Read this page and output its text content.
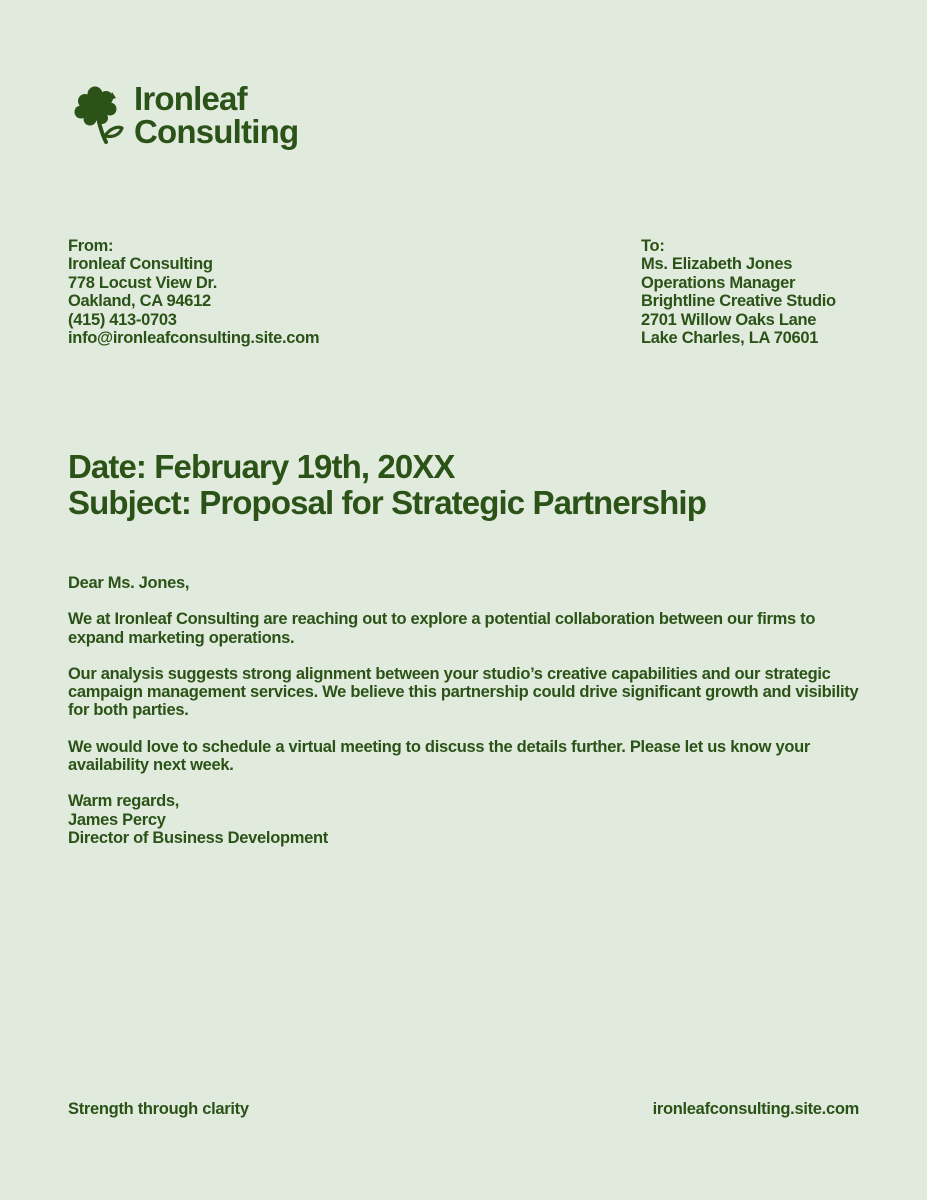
Ironleaf
Consulting
From:
Ironleaf Consulting
778 Locust View Dr.
Oakland, CA 94612
(415) 413-0703
info@ironleafconsulting.site.com
To:
Ms. Elizabeth Jones
Operations Manager
Brightline Creative Studio
2701 Willow Oaks Lane
Lake Charles, LA 70601
Date: February 19th, 20XX
Subject: Proposal for Strategic Partnership

Dear Ms. Jones,

We at Ironleaf Consulting are reaching out to explore a potential collaboration between our firms to expand marketing operations.

Our analysis suggests strong alignment between your studio’s creative capabilities and our strategic campaign management services. We believe this partnership could drive significant growth and visibility for both parties.

We would love to schedule a virtual meeting to discuss the details further. Please let us know your availability next week.

Warm regards,
James Percy
Director of Business Development
Strength through clarity	ironleafconsulting.site.com
